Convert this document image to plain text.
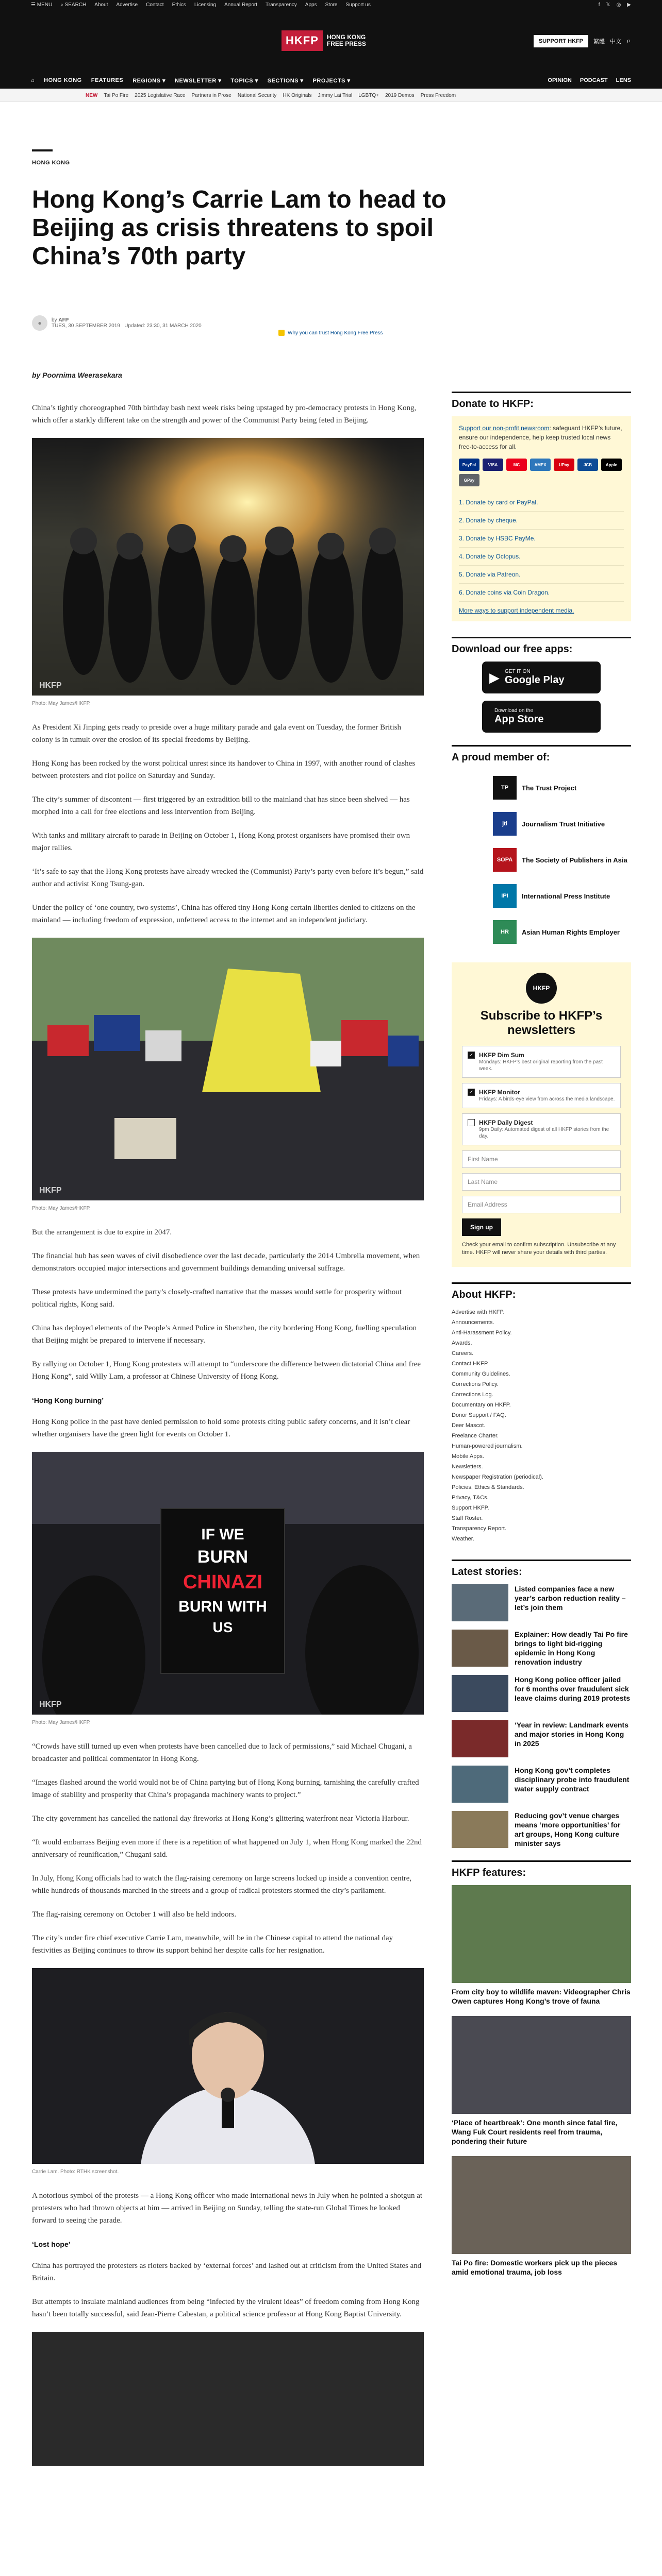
☰ MENU ⌕ SEARCH About Advertise Contact Ethics Licensing Annual Report Transparency Apps Store Support us	f 𝕏 ◎ ▶
HKFP	HONG KONG
FREE PRESS	SUPPORT HKFP	繁體 中文 ⌕
⌂ HONG KONG FEATURES REGIONS ▾ NEWSLETTER ▾ TOPICS ▾ SECTIONS ▾ PROJECTS ▾	OPINION PODCAST LENS
NEW Tai Po Fire 2025 Legislative Race Partners in Prose National Security HK Originals Jimmy Lai Trial LGBTQ+ 2019 Demos Press Freedom
HONG KONG
Hong Kong’s Carrie Lam to head to Beijing as crisis threatens to spoil China’s 70th party
●	by AFP
TUES, 30 SEPTEMBER 2019 Updated: 23:30, 31 MARCH 2020
Why you can trust Hong Kong Free Press
by Poornima Weerasekara

China’s tightly choreographed 70th birthday bash next week risks being upstaged by pro-democracy protests in Hong Kong, which offer a starkly different take on the strength and power of the Communist Party being feted in Beijing.

HKFP
Photo: May James/HKFP.

As President Xi Jinping gets ready to preside over a huge military parade and gala event on Tuesday, the former British colony is in tumult over the erosion of its special freedoms by Beijing.

Hong Kong has been rocked by the worst political unrest since its handover to China in 1997, with another round of clashes between protesters and riot police on Saturday and Sunday.

The city’s summer of discontent — first triggered by an extradition bill to the mainland that has since been shelved — has morphed into a call for free elections and less intervention from Beijing.

With tanks and military aircraft to parade in Beijing on October 1, Hong Kong protest organisers have promised their own major rallies.

‘It’s safe to say that the Hong Kong protests have already wrecked the (Communist) Party’s party even before it’s begun,” said author and activist Kong Tsung-gan.

Under the policy of ‘one country, two systems’, China has offered tiny Hong Kong certain liberties denied to citizens on the mainland — including freedom of expression, unfettered access to the internet and an independent judiciary.

HKFP
Photo: May James/HKFP.

But the arrangement is due to expire in 2047.

The financial hub has seen waves of civil disobedience over the last decade, particularly the 2014 Umbrella movement, when demonstrators occupied major intersections and government buildings demanding universal suffrage.

These protests have undermined the party’s closely-crafted narrative that the masses would settle for prosperity without political rights, Kong said.

China has deployed elements of the People’s Armed Police in Shenzhen, the city bordering Hong Kong, fuelling speculation that Beijing might be prepared to intervene if necessary.

By rallying on October 1, Hong Kong protesters will attempt to “underscore the difference between dictatorial China and free Hong Kong”, said Willy Lam, a professor at Chinese University of Hong Kong.

‘Hong Kong burning’

Hong Kong police in the past have denied permission to hold some protests citing public safety concerns, and it isn’t clear whether organisers have the green light for events on October 1.

IF WE
BURN
CHINAZI
BURN WITH
US
HKFP
Photo: May James/HKFP.

“Crowds have still turned up even when protests have been cancelled due to lack of permissions,” said Michael Chugani, a broadcaster and political commentator in Hong Kong.

“Images flashed around the world would not be of China partying but of Hong Kong burning, tarnishing the carefully crafted image of stability and prosperity that China’s propaganda machinery wants to project.”

The city government has cancelled the national day fireworks at Hong Kong’s glittering waterfront near Victoria Harbour.

“It would embarrass Beijing even more if there is a repetition of what happened on July 1, when Hong Kong marked the 22nd anniversary of reunification,” Chugani said.

In July, Hong Kong officials had to watch the flag-raising ceremony on large screens locked up inside a convention centre, while hundreds of thousands marched in the streets and a group of radical protesters stormed the city’s parliament.

The flag-raising ceremony on October 1 will also be held indoors.

The city’s under fire chief executive Carrie Lam, meanwhile, will be in the Chinese capital to attend the national day festivities as Beijing continues to throw its support behind her despite calls for her resignation.

Carrie Lam. Photo: RTHK screenshot.

A notorious symbol of the protests — a Hong Kong officer who made international news in July when he pointed a shotgun at protesters who had thrown objects at him — arrived in Beijing on Sunday, telling the state-run Global Times he looked forward to seeing the parade.

‘Lost hope’

China has portrayed the protesters as rioters backed by ‘external forces’ and lashed out at criticism from the United States and Britain.

But attempts to insulate mainland audiences from being “infected by the virulent ideas” of freedom coming from Hong Kong hasn’t been totally successful, said Jean-Pierre Cabestan, a political science professor at Hong Kong Baptist University.

Donate to HKFP:

Support our non-profit newsroom: safeguard HKFP’s future, ensure our independence, help keep trusted local news free-to-access for all.

PayPal	VISA	MC	AMEX	UPay	JCB	Apple
GPay
1. Donate by card or PayPal.
2. Donate by cheque.
3. Donate by HSBC PayMe.
4. Donate by Octopus.
5. Donate via Patreon.
6. Donate coins via Coin Dragon.
More ways to support independent media.
Download our free apps:
▶ GET IT ON
Google Play
Download on the
App Store
A proud member of:
TP	The Trust Project
jti	Journalism Trust Initiative
SOPA	The Society of Publishers in Asia
IPI	International Press Institute
HR	Asian Human Rights Employer
HKFP
Subscribe to HKFP’s newsletters
✓ HKFP Dim Sum
Mondays: HKFP’s best original reporting from the past week.
✓ HKFP Monitor
Fridays: A birds-eye view from across the media landscape.
HKFP Daily Digest
9pm Daily: Automated digest of all HKFP stories from the day.
First Name
Last Name
Email Address
Sign up
Check your email to confirm subscription. Unsubscribe at any time. HKFP will never share your details with third parties.
About HKFP:
Advertise with HKFP.
Announcements.
Anti-Harassment Policy.
Awards.
Careers.
Contact HKFP.
Community Guidelines.
Corrections Policy.
Corrections Log.
Documentary on HKFP.
Donor Support / FAQ.
Deer Mascot.
Freelance Charter.
Human-powered journalism.
Mobile Apps.
Newsletters.
Newspaper Registration (periodical).
Policies, Ethics & Standards.
Privacy, T&Cs.
Support HKFP.
Staff Roster.
Transparency Report.
Weather.
Latest stories:
Listed companies face a new year’s carbon reduction reality – let’s join them
Explainer: How deadly Tai Po fire brings to light bid-rigging epidemic in Hong Kong renovation industry
Hong Kong police officer jailed for 6 months over fraudulent sick leave claims during 2019 protests
‘Year in review: Landmark events and major stories in Hong Kong in 2025
Hong Kong gov’t completes disciplinary probe into fraudulent water supply contract
Reducing gov’t venue charges means ‘more opportunities’ for art groups, Hong Kong culture minister says
HKFP features:
From city boy to wildlife maven: Videographer Chris Owen captures Hong Kong’s trove of fauna
‘Place of heartbreak’: One month since fatal fire, Wang Fuk Court residents reel from trauma, pondering their future
Tai Po fire: Domestic workers pick up the pieces amid emotional trauma, job loss
